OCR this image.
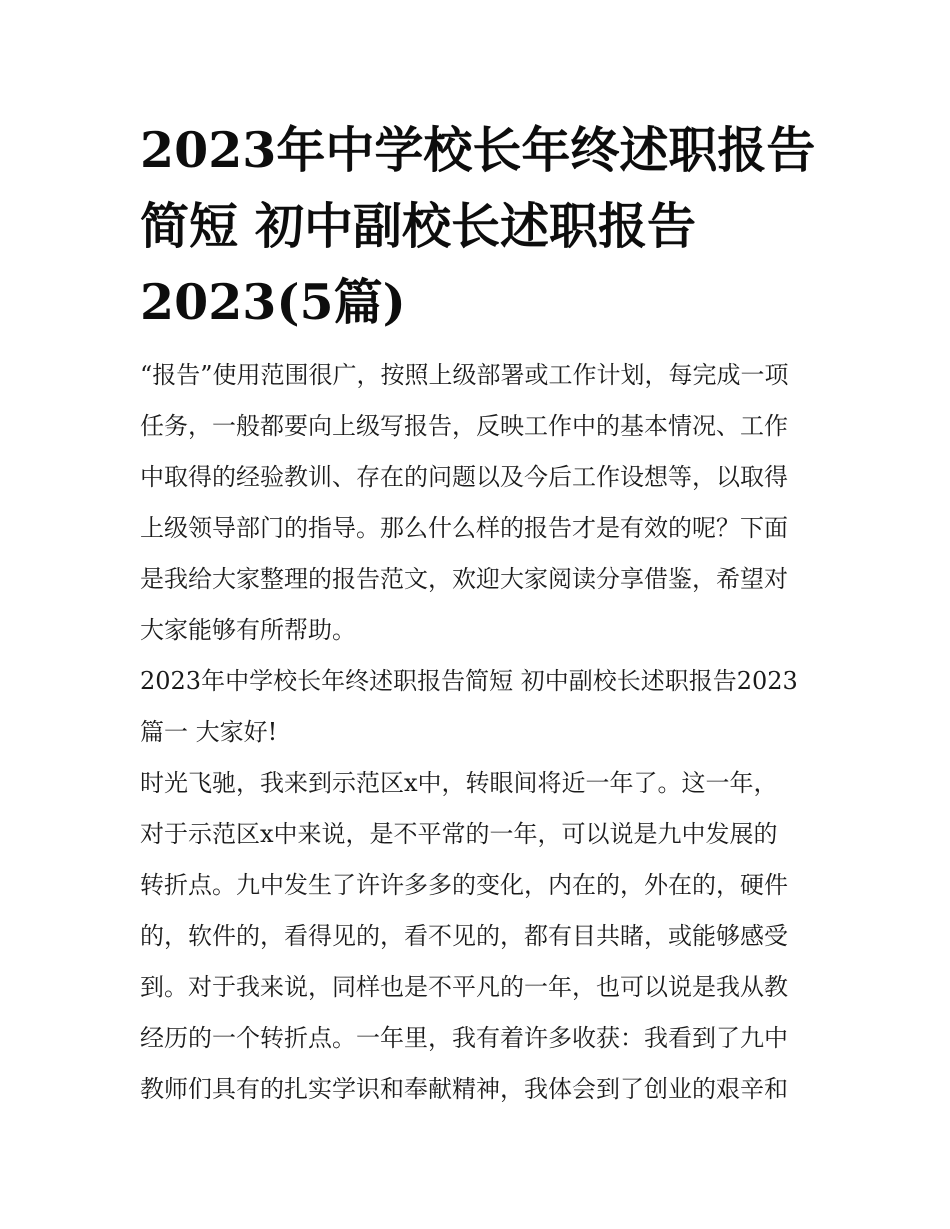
2023年中学校长年终述职报告
简短 初中副校长述职报告
2023(5篇)

“报告”使用范围很广，按照上级部署或工作计划，每完成一项
任务，一般都要向上级写报告，反映工作中的基本情况、工作
中取得的经验教训、存在的问题以及今后工作设想等，以取得
上级领导部门的指导。那么什么样的报告才是有效的呢？下面
是我给大家整理的报告范文，欢迎大家阅读分享借鉴，希望对
大家能够有所帮助。

2023年中学校长年终述职报告简短 初中副校长述职报告2023
篇一 大家好!

时光飞驰，我来到示范区x中，转眼间将近一年了。这一年，
对于示范区x中来说，是不平常的一年，可以说是九中发展的
转折点。九中发生了许许多多的变化，内在的，外在的，硬件
的，软件的，看得见的，看不见的，都有目共睹，或能够感受
到。对于我来说，同样也是不平凡的一年，也可以说是我从教
经历的一个转折点。一年里，我有着许多收获：我看到了九中
教师们具有的扎实学识和奉献精神，我体会到了创业的艰辛和
